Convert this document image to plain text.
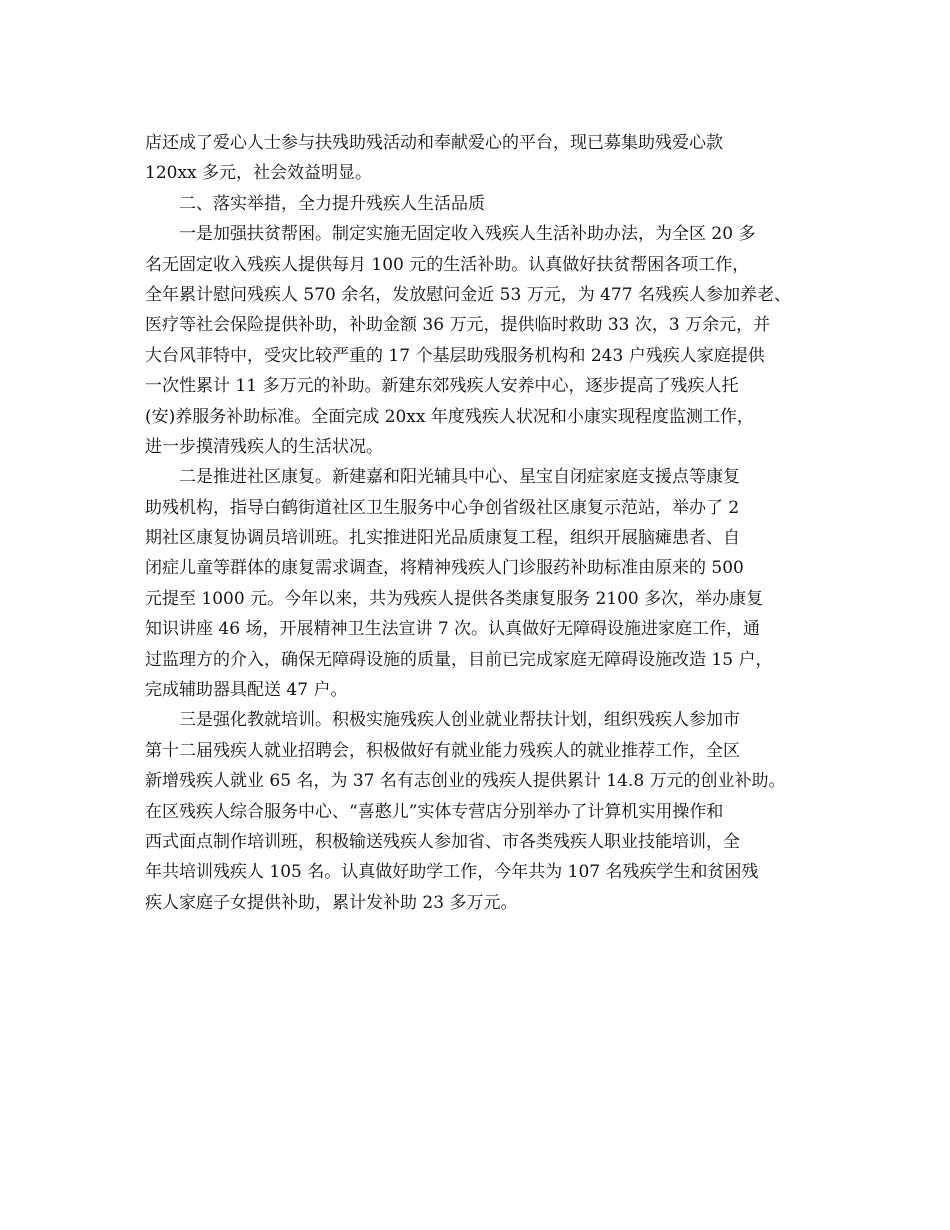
店还成了爱心人士参与扶残助残活动和奉献爱心的平台，现已募集助残爱心款
120xx 多元，社会效益明显。
二、落实举措，全力提升残疾人生活品质
一是加强扶贫帮困。制定实施无固定收入残疾人生活补助办法，为全区 20 多
名无固定收入残疾人提供每月 100 元的生活补助。认真做好扶贫帮困各项工作，
全年累计慰问残疾人 570 余名，发放慰问金近 53 万元，为 477 名残疾人参加养老、
医疗等社会保险提供补助，补助金额 36 万元，提供临时救助 33 次，3 万余元，并
大台风菲特中，受灾比较严重的 17 个基层助残服务机构和 243 户残疾人家庭提供
一次性累计 11 多万元的补助。新建东郊残疾人安养中心，逐步提高了残疾人托
(安)养服务补助标准。全面完成 20xx 年度残疾人状况和小康实现程度监测工作，
进一步摸清残疾人的生活状况。
二是推进社区康复。新建嘉和阳光辅具中心、星宝自闭症家庭支援点等康复
助残机构，指导白鹤街道社区卫生服务中心争创省级社区康复示范站，举办了 2
期社区康复协调员培训班。扎实推进阳光品质康复工程，组织开展脑瘫患者、自
闭症儿童等群体的康复需求调查，将精神残疾人门诊服药补助标准由原来的 500
元提至 1000 元。今年以来，共为残疾人提供各类康复服务 2100 多次，举办康复
知识讲座 46 场，开展精神卫生法宣讲 7 次。认真做好无障碍设施进家庭工作，通
过监理方的介入，确保无障碍设施的质量，目前已完成家庭无障碍设施改造 15 户，
完成辅助器具配送 47 户。
三是强化教就培训。积极实施残疾人创业就业帮扶计划，组织残疾人参加市
第十二届残疾人就业招聘会，积极做好有就业能力残疾人的就业推荐工作，全区
新增残疾人就业 65 名，为 37 名有志创业的残疾人提供累计 14.8 万元的创业补助。
在区残疾人综合服务中心、“喜憨儿”实体专营店分别举办了计算机实用操作和
西式面点制作培训班，积极输送残疾人参加省、市各类残疾人职业技能培训，全
年共培训残疾人 105 名。认真做好助学工作，今年共为 107 名残疾学生和贫困残
疾人家庭子女提供补助，累计发补助 23 多万元。
